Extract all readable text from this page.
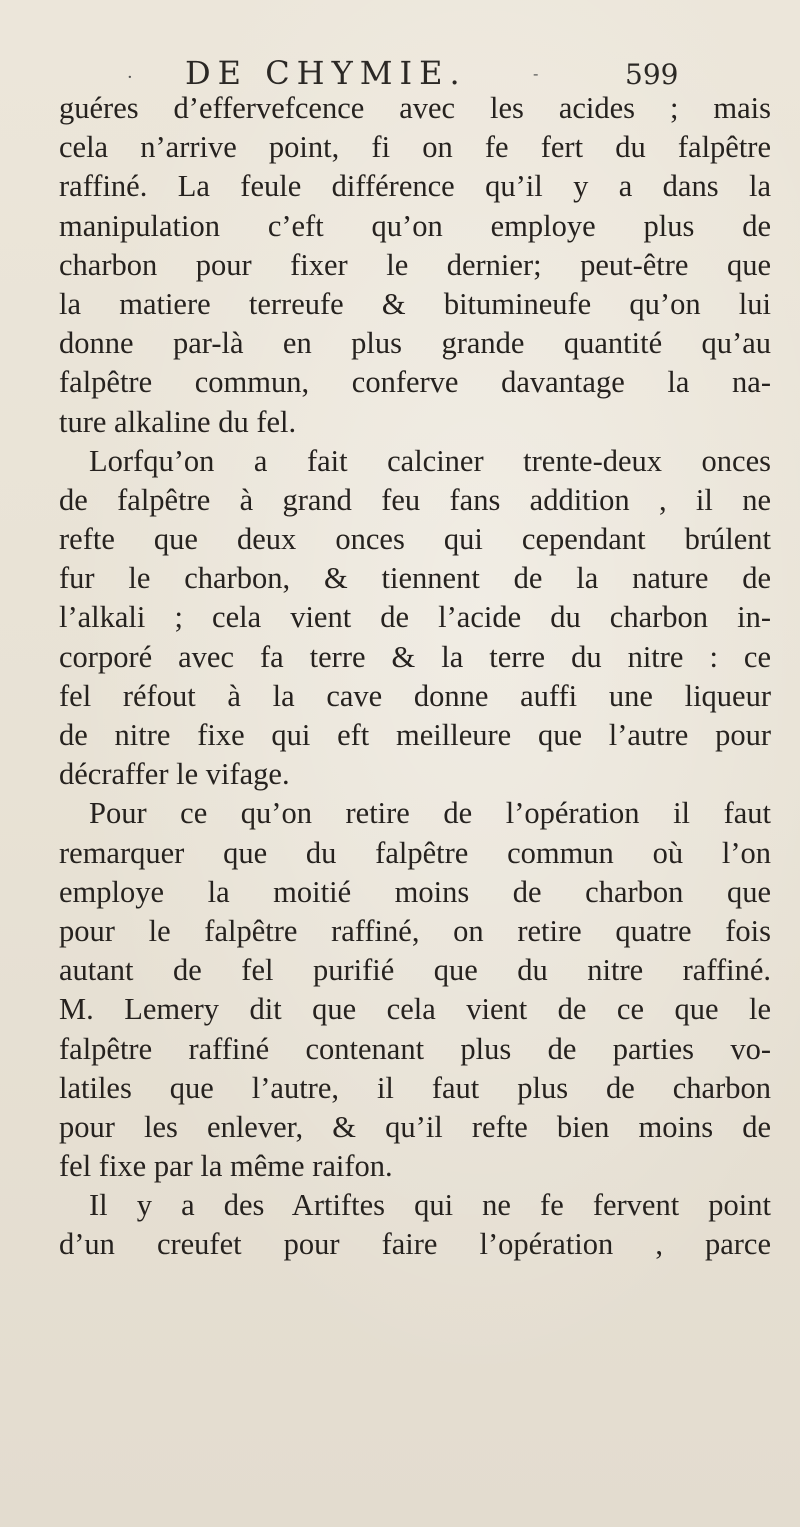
· DE CHYMIE.	-	599
guéres d’effervefcence avec les acides ; mais
cela n’arrive point, fi on fe fert du falpêtre
raffiné. La feule différence qu’il y a dans la
manipulation c’eft qu’on employe plus de
charbon pour fixer le dernier; peut-être que
la matiere terreufe & bitumineufe qu’on lui
donne par-là en plus grande quantité qu’au
falpêtre commun, conferve davantage la na-
ture alkaline du fel.
Lorfqu’on a fait calciner trente-deux onces
de falpêtre à grand feu fans addition , il ne
refte que deux onces qui cependant brúlent
fur le charbon, & tiennent de la nature de
l’alkali ; cela vient de l’acide du charbon in-
corporé avec fa terre & la terre du nitre : ce
fel réfout à la cave donne auffi une liqueur
de nitre fixe qui eft meilleure que l’autre pour
décraffer le vifage.
Pour ce qu’on retire de l’opération il faut
remarquer que du falpêtre commun où l’on
employe la moitié moins de charbon que
pour le falpêtre raffiné, on retire quatre fois
autant de fel purifié que du nitre raffiné.
M. Lemery dit que cela vient de ce que le
falpêtre raffiné contenant plus de parties vo-
latiles que l’autre, il faut plus de charbon
pour les enlever, & qu’il refte bien moins de
fel fixe par la même raifon.
Il y a des Artiftes qui ne fe fervent point
d’un creufet pour faire l’opération , parce
